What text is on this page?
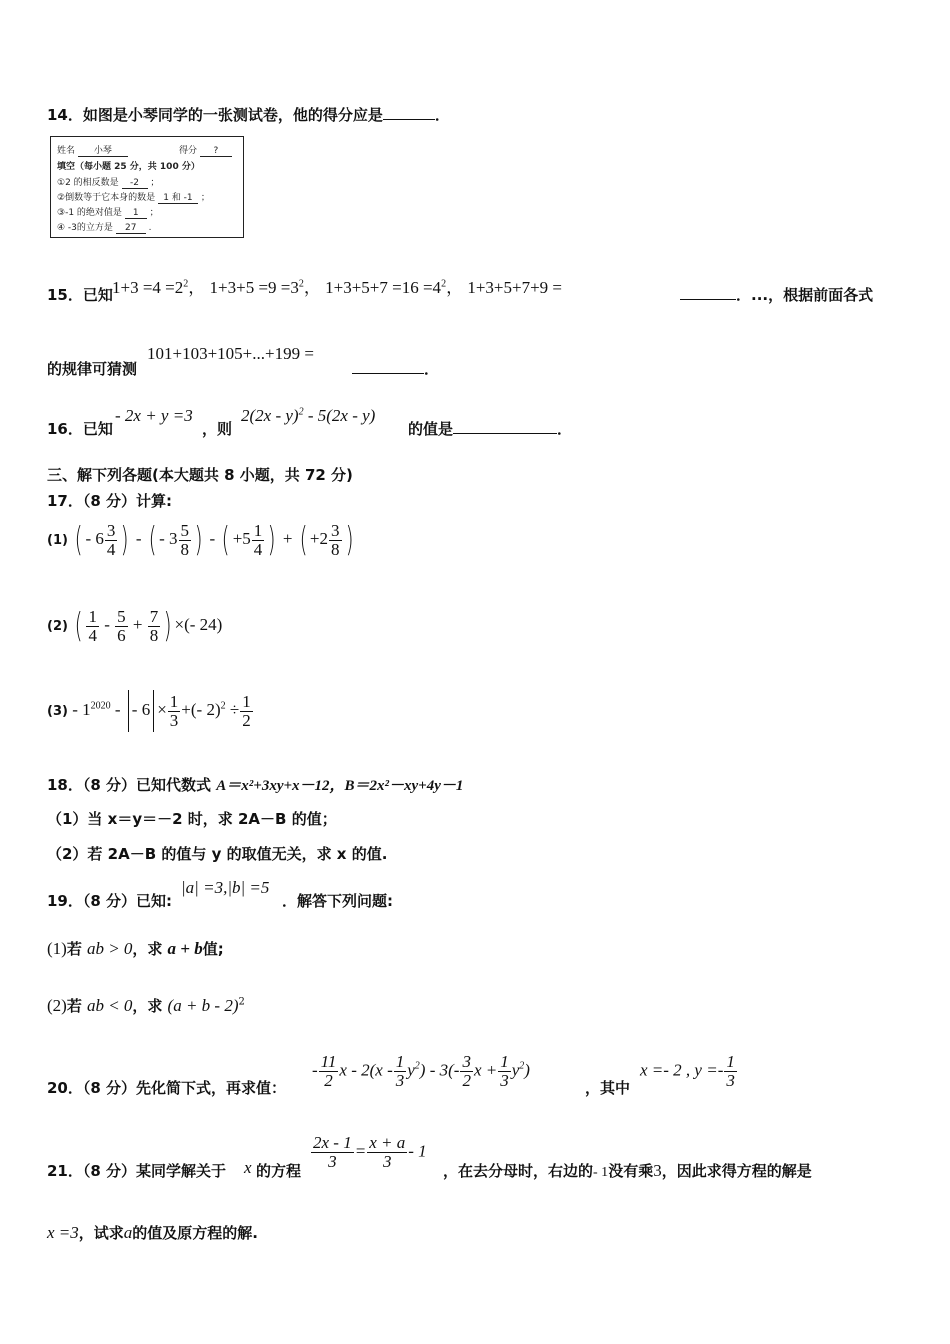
14．如图是小琴同学的一张测试卷，他的得分应是	．
姓名 小琴	得分 ?
填空（每小题 25 分，共 100 分）
①2 的相反数是 -2 ；
②倒数等于它本身的数是 1 和 -1 ；
③-1 的绝对值是 1 ；
④ -3的立方是 27 .
15．已知 $1+3 =4 =2^2$， $1+3+5 =9 =3^2$， $1+3+5+7 =16 =4^2$， 1+3+5+7+9 =	．...，根据前面各式
的规律可猜测
101+103+105+...+199 =
．
16．已知
- 2x + y =3
，则
2(2x - y)$^2$ - 5(2x - y)
的值是	．
三、解下列各题(本大题共 8 小题，共 72 分)
17．（8 分）计算:
(1) ( - $6 \frac{3}{4}$ ) - ( - $3 \frac{5}{8}$ ) - ( $+5 \frac{1}{4}$ ) + ( $+2 \frac{3}{8}$ )
(2) ( $\frac{1}{4} - \frac{5}{6} + \frac{7}{8}$ ) ×(- 24)
$(3) - 1^{2020}$ - - $6 \times \frac{1}{3}$ +(- $2)^2 \div \frac{1}{2}$
18．（8 分）已知代数式 A＝x²+3xy+x－12，B＝2x²－xy+4y－1
（1）当 x＝y＝－2 时，求 2A－B 的值；
（2）若 2A－B 的值与 y 的取值无关，求 x 的值.
19．（8 分）已知:
|a| =3,|b| =5
．解答下列问题:
(1)若 ab > 0，求 a + b值;
(2)若 ab < 0，求 $(a + b - 2)^2$
20．（8 分）先化简下式，再求值：
- $\frac{11}{2}$ x - $2(x - \frac{1}{3} y^2) - 3(- \frac{3}{2}$ $x + \frac{1}{3} y^2$)
，其中
x =- 2 , $y =- \frac{1}{3}$
21．（8 分）某同学解关于 x 的方程
$\frac{2x - 1}{3} = \frac{x + a}{3} - 1$
，在去分母时，右边的- 1没有乘3，因此求得方程的解是
x =3，试求a的值及原方程的解.
